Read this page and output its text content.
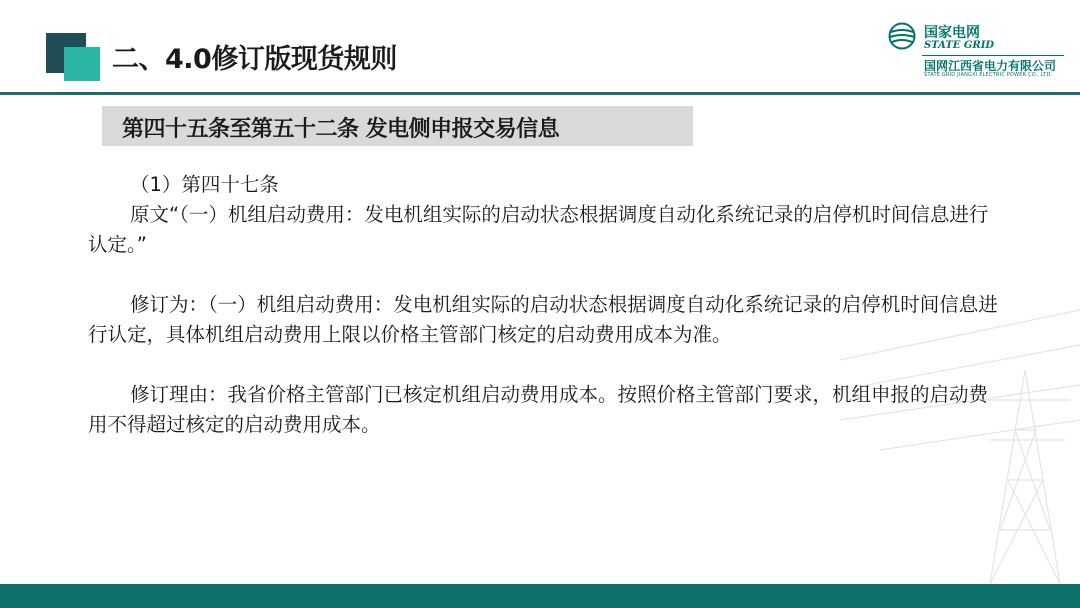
二、4.0修订版现货规则
国家电网
STATE GRID
国网江西省电力有限公司
STATE GRID JIANGXI ELECTRIC POWER CO., LTD.
第四十五条至第五十二条 发电侧申报交易信息

（1）第四十七条

原文“（一）机组启动费用：发电机组实际的启动状态根据调度自动化系统记录的启停机时间信息进行认定。”

修订为：（一）机组启动费用：发电机组实际的启动状态根据调度自动化系统记录的启停机时间信息进行认定，具体机组启动费用上限以价格主管部门核定的启动费用成本为准。

修订理由：我省价格主管部门已核定机组启动费用成本。按照价格主管部门要求，机组申报的启动费用不得超过核定的启动费用成本。
